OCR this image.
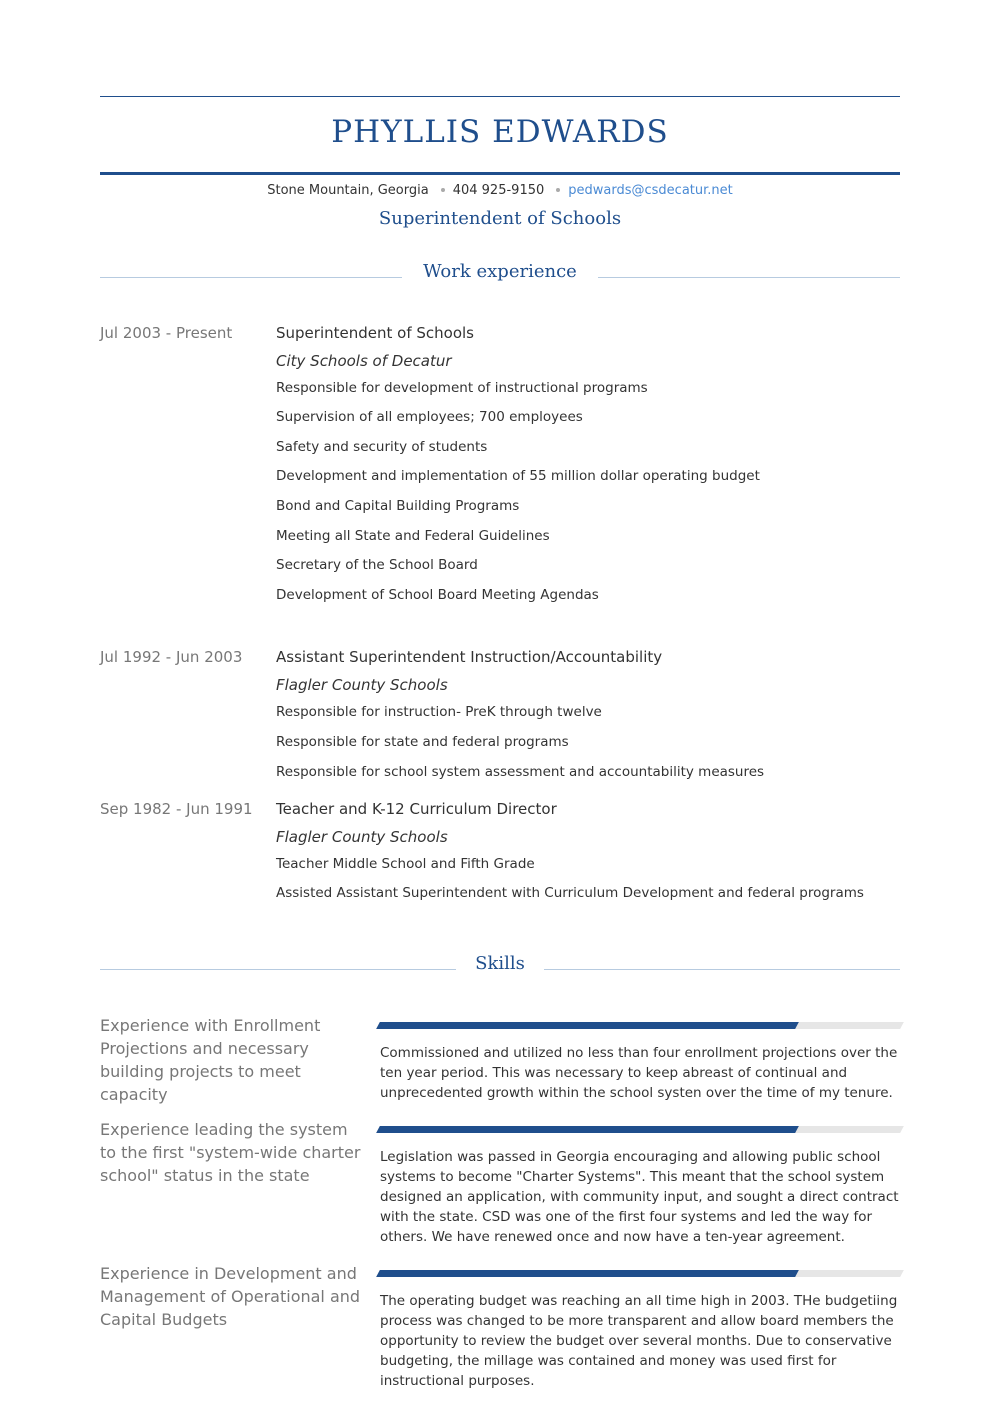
PHYLLIS EDWARDS
Stone Mountain, Georgia 404 925-9150 pedwards@csdecatur.net
Superintendent of Schools
Work experience
Jul 2003 - Present	Superintendent of Schools
City Schools of Decatur
Responsible for development of instructional programs
Supervision of all employees; 700 employees
Safety and security of students
Development and implementation of 55 million dollar operating budget
Bond and Capital Building Programs
Meeting all State and Federal Guidelines
Secretary of the School Board
Development of School Board Meeting Agendas
Jul 1992 - Jun 2003 Assistant Superintendent Instruction/Accountability
Flagler County Schools
Responsible for instruction- PreK through twelve
Responsible for state and federal programs
Responsible for school system assessment and accountability measures
Sep 1982 - Jun 1991 Teacher and K-12 Curriculum Director
Flagler County Schools
Teacher Middle School and Fifth Grade
Assisted Assistant Superintendent with Curriculum Development and federal programs
Skills
Experience with Enrollment Projections and necessary building projects to meet capacity
Commissioned and utilized no less than four enrollment projections over the ten year period. This was necessary to keep abreast of continual and unprecedented growth within the school systen over the time of my tenure.
Experience leading the system to the first "system-wide charter school" status in the state
Legislation was passed in Georgia encouraging and allowing public school systems to become "Charter Systems". This meant that the school system designed an application, with community input, and sought a direct contract with the state. CSD was one of the first four systems and led the way for others. We have renewed once and now have a ten-year agreement.
Experience in Development and Management of Operational and Capital Budgets
The operating budget was reaching an all time high in 2003. THe budgetiing process was changed to be more transparent and allow board members the opportunity to review the budget over several months. Due to conservative budgeting, the millage was contained and money was used first for instructional purposes.
